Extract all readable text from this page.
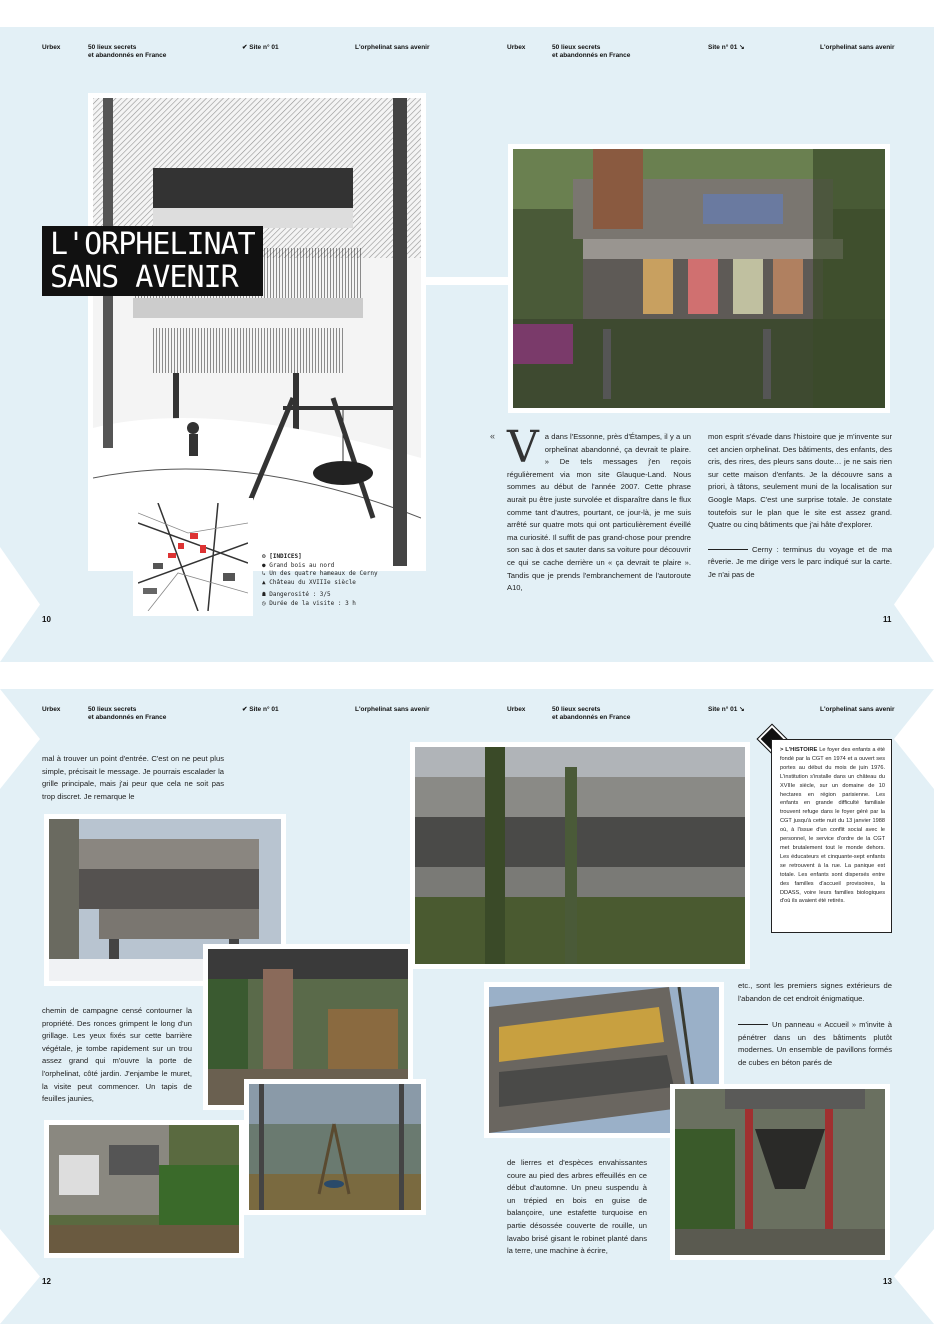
Urbex	50 lieux secrets
et abandonnés en France
✔ Site n° 01	L'orphelinat sans avenir	Urbex	50 lieux secrets
et abandonnés en France
Site n° 01 ↘	L'orphelinat sans avenir
L'ORPHELINAT
SANS AVENIR
⊙ [INDICES]
● Grand bois au nord
↳ Un des quatre hameaux de Cerny
▲ Château du XVIIIe siècle
☗ Dangerosité : 3/5
◷ Durée de la visite : 3 h
« Va dans l'Essonne, près d'Étampes, il y a un orphelinat abandonné, ça devrait te plaire. » De tels messages j'en reçois régulièrement via mon site Glauque-Land. Nous sommes au début de l'année 2007. Cette phrase aurait pu être juste survolée et disparaître dans le flux comme tant d'autres, pourtant, ce jour-là, je me suis arrêté sur quatre mots qui ont particulièrement éveillé ma curiosité. Il suffit de pas grand-chose pour prendre son sac à dos et sauter dans sa voiture pour découvrir ce qui se cache derrière un « ça devrait te plaire ». Tandis que je prends l'embranchement de l'autoroute A10,

mon esprit s'évade dans l'histoire que je m'invente sur cet ancien orphelinat. Des bâtiments, des enfants, des cris, des rires, des pleurs sans doute… je ne sais rien sur cette maison d'enfants. Je la découvre sans a priori, à tâtons, seulement muni de la localisation sur Google Maps. C'est une surprise totale. Je constate toutefois sur le plan que le site est assez grand. Quatre ou cinq bâtiments que j'ai hâte d'explorer.

Cerny : terminus du voyage et de ma rêverie. Je me dirige vers le parc indiqué sur la carte. Je n'ai pas de

10	11
Urbex	50 lieux secrets
et abandonnés en France
✔ Site n° 01	L'orphelinat sans avenir	Urbex	50 lieux secrets
et abandonnés en France
Site n° 01 ↘	L'orphelinat sans avenir
mal à trouver un point d'entrée. C'est on ne peut plus simple, précisait le message. Je pourrais escalader la grille principale, mais j'ai peur que cela ne soit pas trop discret. Je remarque le
chemin de campagne censé contourner la propriété. Des ronces grimpent le long d'un grillage. Les yeux fixés sur cette barrière végétale, je tombe rapidement sur un trou assez grand qui m'ouvre la porte de l'orphelinat, côté jardin. J'enjambe le muret, la visite peut commencer. Un tapis de feuilles jaunies,
> L'HISTOIRE Le foyer des enfants a été fondé par la CGT en 1974 et a ouvert ses portes au début du mois de juin 1976. L'institution s'installe dans un château du XVIIIe siècle, sur un domaine de 10 hectares en région parisienne. Les enfants en grande difficulté familiale trouvent refuge dans le foyer géré par la CGT jusqu'à cette nuit du 13 janvier 1988 où, à l'issue d'un conflit social avec le personnel, le service d'ordre de la CGT met brutalement tout le monde dehors. Les éducateurs et cinquante-sept enfants se retrouvent à la rue. La panique est totale. Les enfants sont dispersés entre des familles d'accueil provisoires, la DDASS, voire leurs familles biologiques d'où ils avaient été retirés.
etc., sont les premiers signes extérieurs de l'abandon de cet endroit énigmatique.
Un panneau « Accueil » m'invite à pénétrer dans un des bâtiments plutôt modernes. Un ensemble de pavillons formés de cubes en béton parés de
de lierres et d'espèces envahissantes coure au pied des arbres effeuillés en ce début d'automne. Un pneu suspendu à un trépied en bois en guise de balançoire, une estafette turquoise en partie désossée couverte de rouille, un lavabo brisé gisant le robinet planté dans la terre, une machine à écrire,
12	13
